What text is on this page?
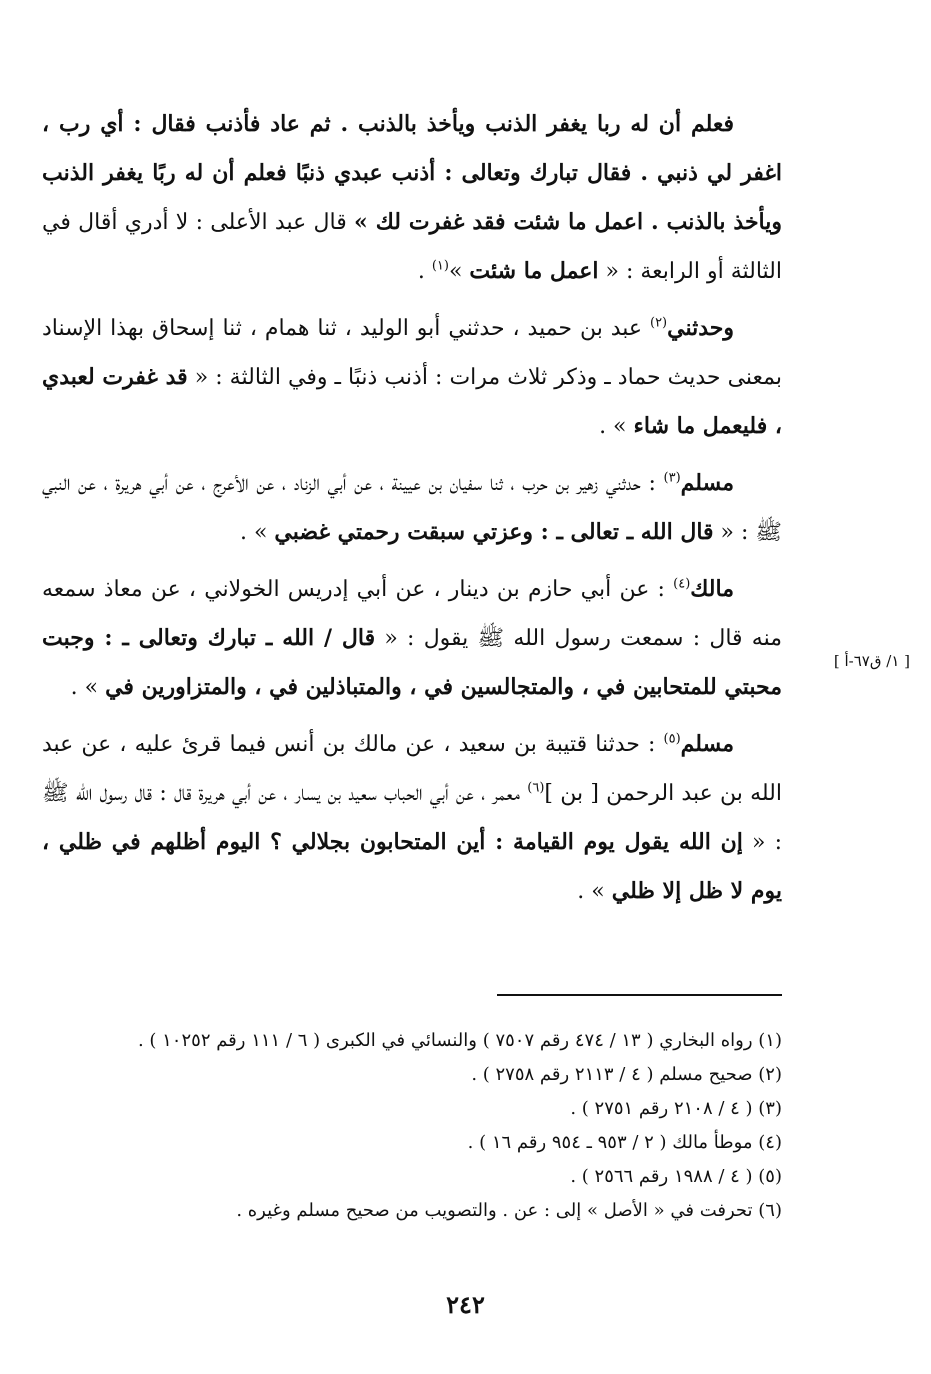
فعلم أن له ربا يغفر الذنب ويأخذ بالذنب . ثم عاد فأذنب فقال : أي رب ، اغفر لي ذنبي . فقال تبارك وتعالى : أذنب عبدي ذنبًا فعلم أن له ربًا يغفر الذنب ويأخذ بالذنب . اعمل ما شئت فقد غفرت لك » قال عبد الأعلى : لا أدري أقال في الثالثة أو الرابعة : « اعمل ما شئت »$^{(١)}$ .

وحدثني$^{(٢)}$ عبد بن حميد ، حدثني أبو الوليد ، ثنا همام ، ثنا إسحاق بهذا الإسناد بمعنى حديث حماد ـ وذكر ثلاث مرات : أذنب ذنبًا ـ وفي الثالثة : « قد غفرت لعبدي ، فليعمل ما شاء » .

مسلم$^{(٣)}$ : حدثني زهير بن حرب ، ثنا سفيان بن عيينة ، عن أبي الزناد ، عن الأعرج ، عن أبي هريرة ، عن النبي ﷺ : « قال الله ـ تعالى ـ : وعزتي سبقت رحمتي غضبي » .

مالك$^{(٤)}$ : عن أبي حازم بن دينار ، عن أبي إدريس الخولاني ، عن معاذ سمعه منه قال : سمعت رسول الله ﷺ يقول : « قال / الله ـ تبارك وتعالى ـ : وجبت محبتي للمتحابين في ، والمتجالسين في ، والمتباذلين في ، والمتزاورين في » .

مسلم$^{(٥)}$ : حدثنا قتيبة بن سعيد ، عن مالك بن أنس فيما قرئ عليه ، عن عبد الله بن عبد الرحمن [ بن ]$^{(٦)}$ معمر ، عن أبي الحباب سعيد بن يسار ، عن أبي هريرة قال : قال رسول الله ﷺ : « إن الله يقول يوم القيامة : أين المتحابون بجلالي ؟ اليوم أظلهم في ظلي ، يوم لا ظل إلا ظلي » .

[ ١/ ق٦٧-أ ]

(١) رواه البخاري ( ١٣ / ٤٧٤ رقم ٧٥٠٧ ) والنسائي في الكبرى ( ٦ / ١١١ رقم ١٠٢٥٢ ) .

(٢) صحيح مسلم ( ٤ / ٢١١٣ رقم ٢٧٥٨ ) .

(٣) ( ٤ / ٢١٠٨ رقم ٢٧٥١ ) .

(٤) موطأ مالك ( ٢ / ٩٥٣ ـ ٩٥٤ رقم ١٦ ) .

(٥) ( ٤ / ١٩٨٨ رقم ٢٥٦٦ ) .

(٦) تحرفت في « الأصل » إلى : عن . والتصويب من صحيح مسلم وغيره .

٢٤٢
